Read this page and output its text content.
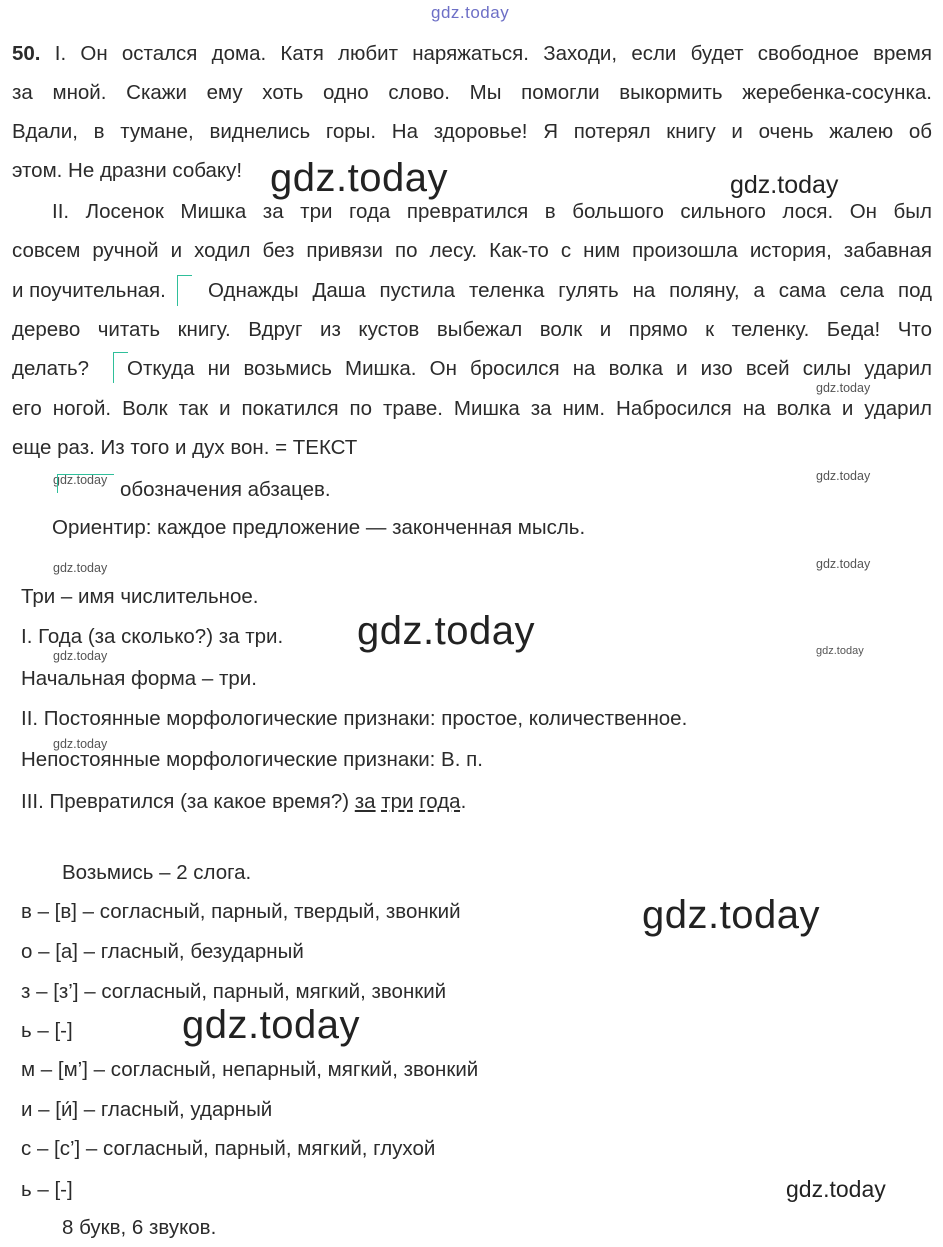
gdz.today
50. I. Он остался дома. Катя любит наряжаться. Заходи, если будет свободное время
за мной. Скажи ему хоть одно слово. Мы помогли выкормить жеребенка-сосунка.
Вдали, в тумане, виднелись горы. На здоровье! Я потерял книгу и очень жалею об
этом. Не дразни собаку! gdz.today	gdz.today
II. Лосенок Мишка за три года превратился в большого сильного лося. Он был
совсем ручной и ходил без привязи по лесу. Как-то с ним произошла история, забавная
и поучительная. Однажды Даша пустила теленка гулять на поляну, а сама села под
дерево читать книгу. Вдруг из кустов выбежал волк и прямо к теленку. Беда! Что
делать? Откуда ни возьмись Мишка. Он бросился на волка и изо всей силы ударил
gdz.today
его ногой. Волк так и покатился по траве. Мишка за ним. Набросился на волка и ударил
еще раз. Из того и дух вон. = ТЕКСТ
gdz.today	gdz.today
обозначения абзацев.
Ориентир: каждое предложение — законченная мысль.
gdz.today	gdz.today
Три – имя числительное.
I. Года (за сколько?) за три. gdz.today
gdz.today	gdz.today
Начальная форма – три.
II. Постоянные морфологические признаки: простое, количественное.
gdz.today
Непостоянные морфологические признаки: В. п.
III. Превратился (за какое время?) за три года.
Возьмись – 2 слога.
в – [в] – согласный, парный, твердый, звонкий	gdz.today
о – [а] – гласный, безударный
з – [з’] – согласный, парный, мягкий, звонкий
ь – [-]	gdz.today
м – [м’] – согласный, непарный, мягкий, звонкий
и – [и́] – гласный, ударный
с – [с’] – согласный, парный, мягкий, глухой
ь – [-]	gdz.today
8 букв, 6 звуков.
